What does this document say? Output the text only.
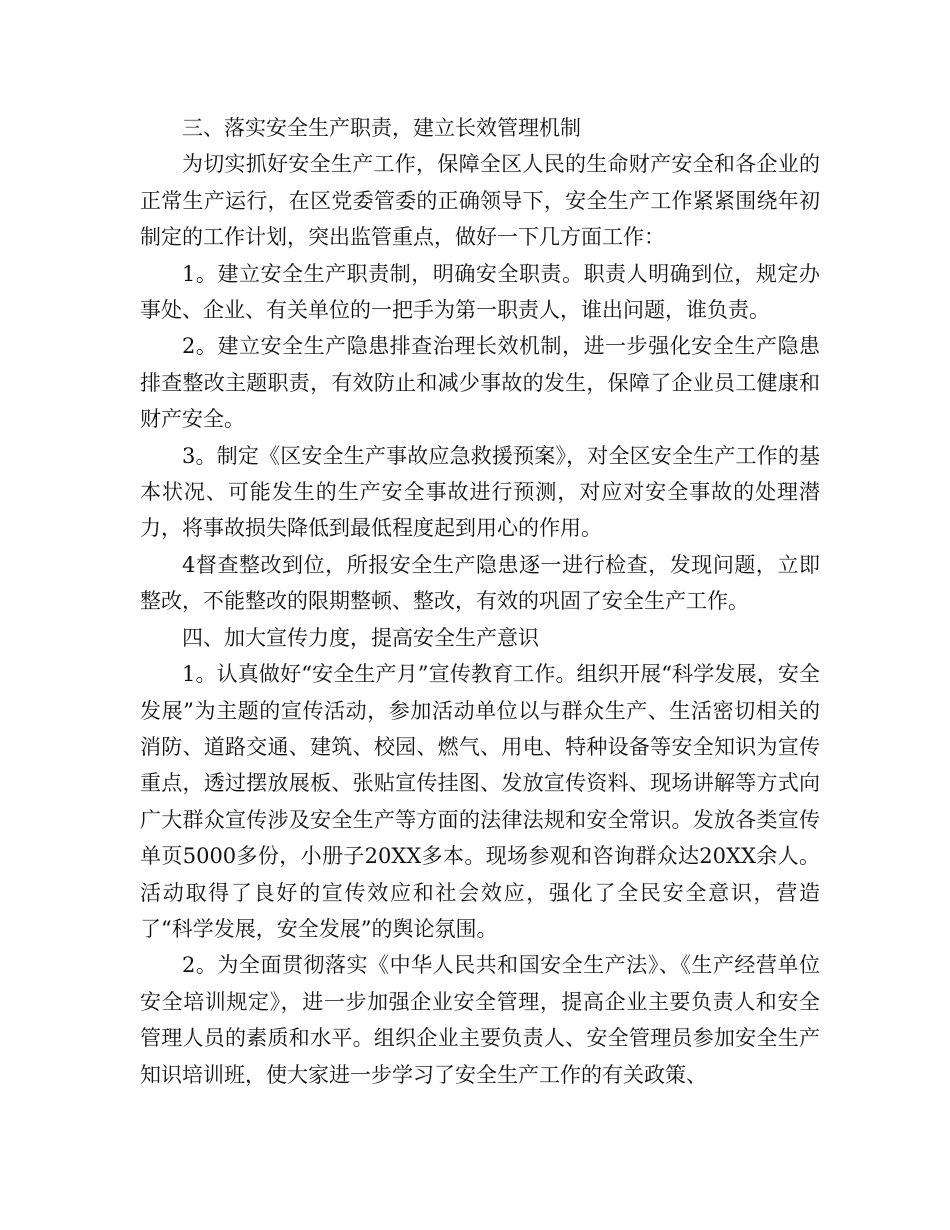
三、落实安全生产职责，建立长效管理机制

为切实抓好安全生产工作，保障全区人民的生命财产安全和各企业的正常生产运行，在区党委管委的正确领导下，安全生产工作紧紧围绕年初制定的工作计划，突出监管重点，做好一下几方面工作：

1。建立安全生产职责制，明确安全职责。职责人明确到位，规定办事处、企业、有关单位的一把手为第一职责人，谁出问题，谁负责。

2。建立安全生产隐患排查治理长效机制，进一步强化安全生产隐患排查整改主题职责，有效防止和减少事故的发生，保障了企业员工健康和财产安全。

3。制定《区安全生产事故应急救援预案》，对全区安全生产工作的基本状况、可能发生的生产安全事故进行预测，对应对安全事故的处理潜力，将事故损失降低到最低程度起到用心的作用。

4督查整改到位，所报安全生产隐患逐一进行检查，发现问题，立即整改，不能整改的限期整顿、整改，有效的巩固了安全生产工作。

四、加大宣传力度，提高安全生产意识

1。认真做好“安全生产月”宣传教育工作。组织开展“科学发展，安全发展”为主题的宣传活动，参加活动单位以与群众生产、生活密切相关的消防、道路交通、建筑、校园、燃气、用电、特种设备等安全知识为宣传重点，透过摆放展板、张贴宣传挂图、发放宣传资料、现场讲解等方式向广大群众宣传涉及安全生产等方面的法律法规和安全常识。发放各类宣传单页5000多份，小册子20XX多本。现场参观和咨询群众达20XX余人。活动取得了良好的宣传效应和社会效应，强化了全民安全意识，营造了“科学发展，安全发展”的舆论氛围。

2。为全面贯彻落实《中华人民共和国安全生产法》、《生产经营单位安全培训规定》，进一步加强企业安全管理，提高企业主要负责人和安全管理人员的素质和水平。组织企业主要负责人、安全管理员参加安全生产知识培训班，使大家进一步学习了安全生产工作的有关政策、
